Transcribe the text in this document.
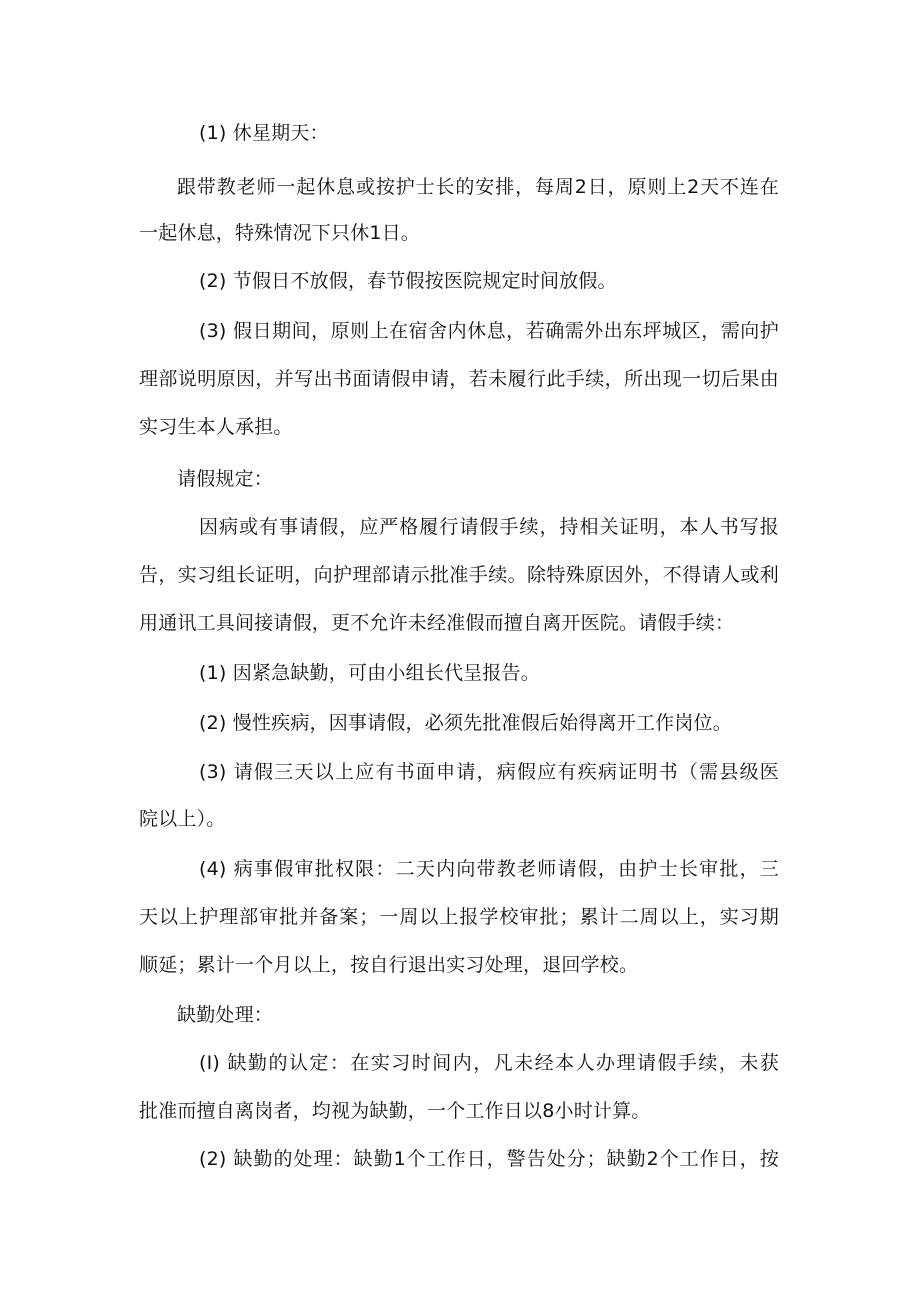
(1) 休星期天：

跟带教老师一起休息或按护士长的安排，每周2日，原则上2天不连在

一起休息，特殊情况下只休1日。

(2) 节假日不放假，春节假按医院规定时间放假。

(3) 假日期间，原则上在宿舍内休息，若确需外出东坪城区，需向护

理部说明原因，并写出书面请假申请，若未履行此手续，所出现一切后果由

实习生本人承担。

请假规定：

因病或有事请假，应严格履行请假手续，持相关证明，本人书写报

告，实习组长证明，向护理部请示批准手续。除特殊原因外，不得请人或利

用通讯工具间接请假，更不允许未经准假而擅自离开医院。请假手续：

(1) 因紧急缺勤，可由小组长代呈报告。

(2) 慢性疾病，因事请假，必须先批准假后始得离开工作岗位。

(3) 请假三天以上应有书面申请，病假应有疾病证明书（需县级医

院以上）。

(4) 病事假审批权限：二天内向带教老师请假，由护士长审批，三

天以上护理部审批并备案；一周以上报学校审批；累计二周以上，实习期

顺延；累计一个月以上，按自行退出实习处理，退回学校。

缺勤处理：

(I) 缺勤的认定：在实习时间内，凡未经本人办理请假手续，未获

批准而擅自离岗者，均视为缺勤，一个工作日以8小时计算。

(2) 缺勤的处理：缺勤1个工作日，警告处分；缺勤2个工作日，按
